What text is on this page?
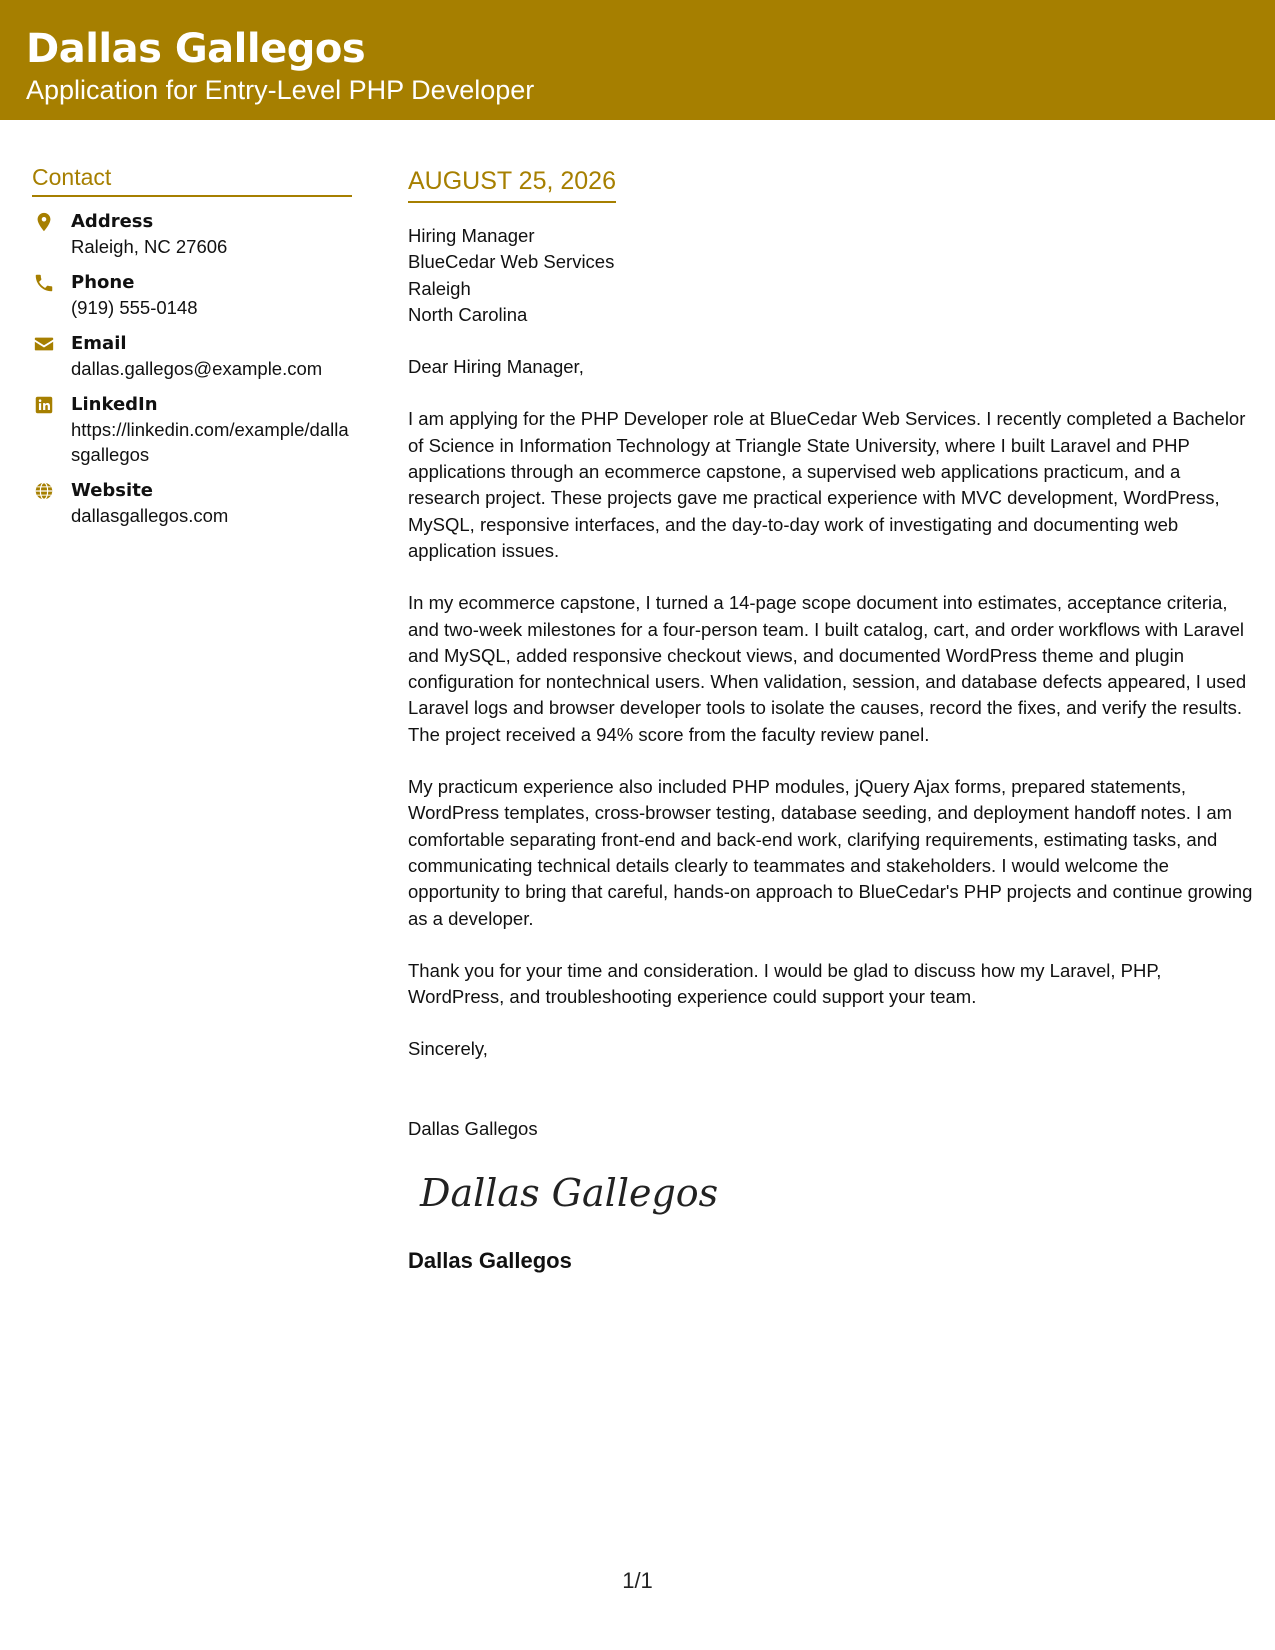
Dallas Gallegos
Application for Entry-Level PHP Developer
Contact
Address
Raleigh, NC 27606
Phone
(919) 555-0148
Email
dallas.gallegos@example.com
LinkedIn
https://linkedin.com/example/dallasgallegos
Website
dallasgallegos.com
AUGUST 25, 2026
Hiring Manager
BlueCedar Web Services
Raleigh
North Carolina
Dear Hiring Manager,

I am applying for the PHP Developer role at BlueCedar Web Services. I recently completed a Bachelor of Science in Information Technology at Triangle State University, where I built Laravel and PHP applications through an ecommerce capstone, a supervised web applications practicum, and a research project. These projects gave me practical experience with MVC development, WordPress, MySQL, responsive interfaces, and the day-to-day work of investigating and documenting web application issues.

In my ecommerce capstone, I turned a 14-page scope document into estimates, acceptance criteria, and two-week milestones for a four-person team. I built catalog, cart, and order workflows with Laravel and MySQL, added responsive checkout views, and documented WordPress theme and plugin configuration for nontechnical users. When validation, session, and database defects appeared, I used Laravel logs and browser developer tools to isolate the causes, record the fixes, and verify the results. The project received a 94% score from the faculty review panel.

My practicum experience also included PHP modules, jQuery Ajax forms, prepared statements, WordPress templates, cross-browser testing, database seeding, and deployment handoff notes. I am comfortable separating front-end and back-end work, clarifying requirements, estimating tasks, and communicating technical details clearly to teammates and stakeholders. I would welcome the opportunity to bring that careful, hands-on approach to BlueCedar's PHP projects and continue growing as a developer.

Thank you for your time and consideration. I would be glad to discuss how my Laravel, PHP, WordPress, and troubleshooting experience could support your team.

Sincerely,
Dallas Gallegos
Dallas Gallegos
Dallas Gallegos
1/1
